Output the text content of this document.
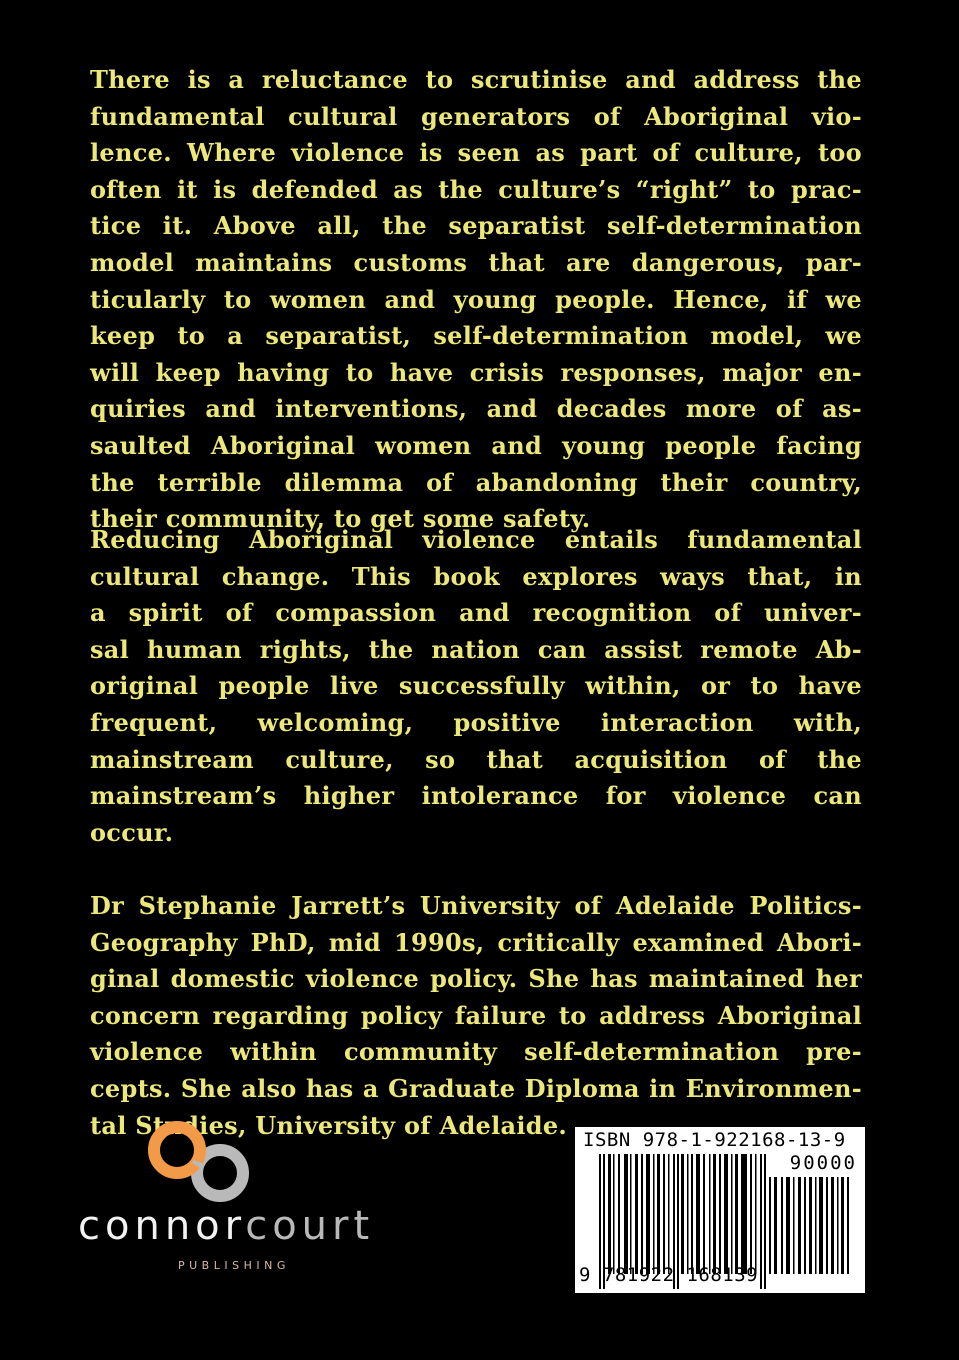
There is a reluctance to scrutinise and address the
fundamental cultural generators of Aboriginal vio-
lence. Where violence is seen as part of culture, too
often it is defended as the culture’s “right” to prac-
tice it. Above all, the separatist self-determination
model maintains customs that are dangerous, par-
ticularly to women and young people. Hence, if we
keep to a separatist, self-determination model, we
will keep having to have crisis responses, major en-
quiries and interventions, and decades more of as-
saulted Aboriginal women and young people facing
the terrible dilemma of abandoning their country,
their community, to get some safety.
Reducing Aboriginal violence entails fundamental
cultural change. This book explores ways that, in
a spirit of compassion and recognition of univer-
sal human rights, the nation can assist remote Ab-
original people live successfully within, or to have
frequent, welcoming, positive interaction with,
mainstream culture, so that acquisition of the
mainstream’s higher intolerance for violence can
occur.
Dr Stephanie Jarrett’s University of Adelaide Politics-
Geography PhD, mid 1990s, critically examined Abori-
ginal domestic violence policy. She has maintained her
concern regarding policy failure to address Aboriginal
violence within community self-determination pre-
cepts. She also has a Graduate Diploma in Environmen-
tal Studies, University of Adelaide.
connorcourt
PUBLISHING
ISBN 978-1-922168-13-9
90000
9 781922 168139
